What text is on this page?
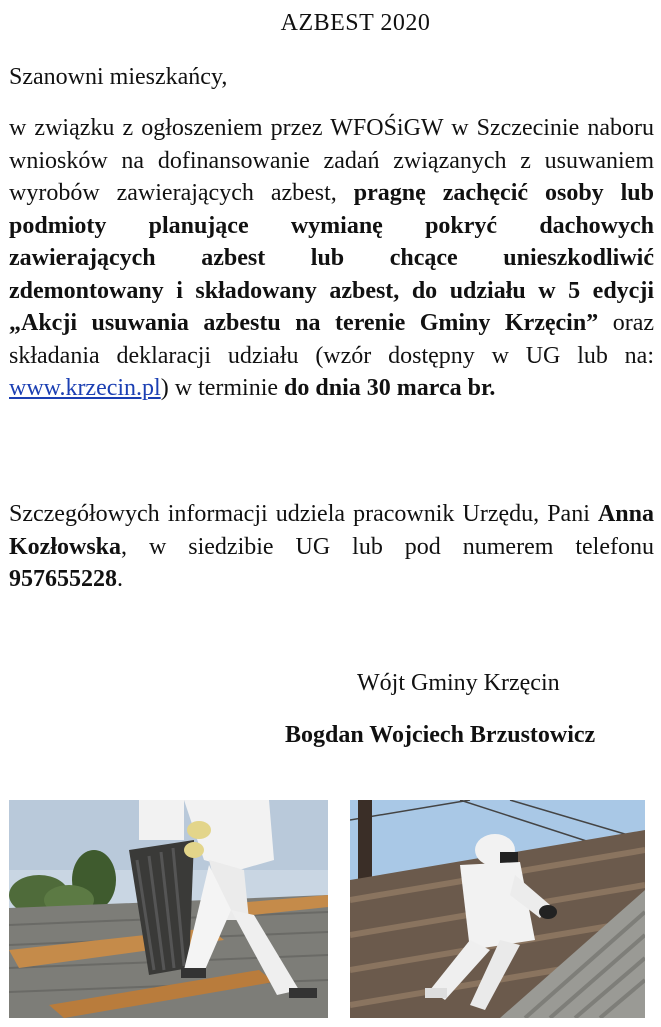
AZBEST 2020
Szanowni mieszkańcy,
w związku z ogłoszeniem przez WFOŚiGW w Szczecinie naboru wniosków na dofinansowanie zadań związanych z usuwaniem wyrobów zawierających azbest, pragnę zachęcić osoby lub podmioty planujące wymianę pokryć dachowych zawierających azbest lub chcące unieszkodliwić zdemontowany i składowany azbest, do udziału w 5 edycji „Akcji usuwania azbestu na terenie Gminy Krzęcin” oraz składania deklaracji udziału (wzór dostępny w UG lub na: www.krzecin.pl) w terminie do dnia 30 marca br.
Szczegółowych informacji udziela pracownik Urzędu, Pani Anna Kozłowska, w siedzibie UG lub pod numerem telefonu 957655228.
Wójt Gminy Krzęcin
Bogdan Wojciech Brzustowicz
